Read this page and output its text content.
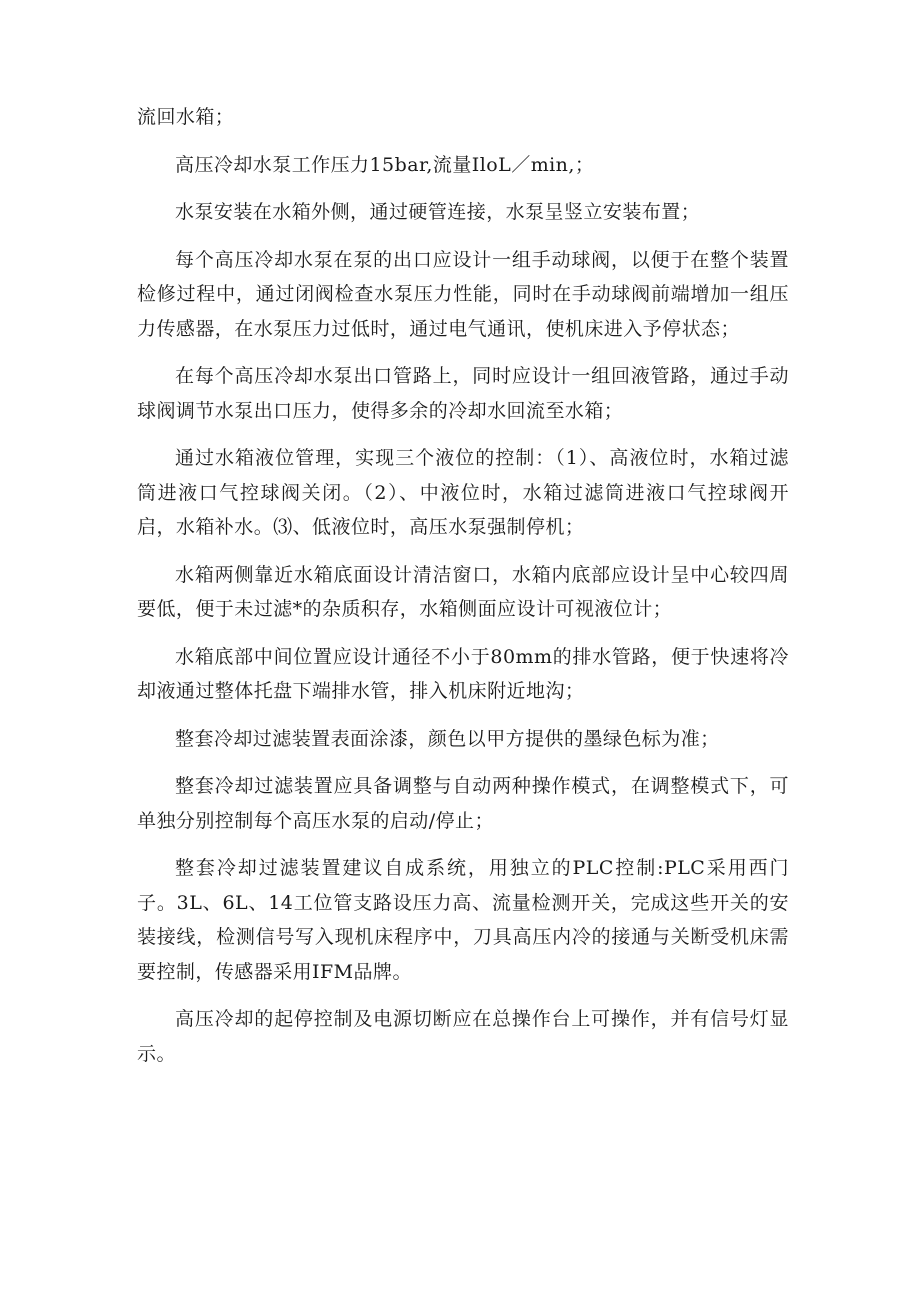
流回水箱；

高压冷却水泵工作压力15bar,流量IloL／min,；

水泵安装在水箱外侧，通过硬管连接，水泵呈竖立安装布置；

每个高压冷却水泵在泵的出口应设计一组手动球阀，以便于在整个装置检修过程中，通过闭阀检查水泵压力性能，同时在手动球阀前端增加一组压力传感器，在水泵压力过低时，通过电气通讯，使机床进入予停状态；

在每个高压冷却水泵出口管路上，同时应设计一组回液管路，通过手动球阀调节水泵出口压力，使得多余的冷却水回流至水箱；

通过水箱液位管理，实现三个液位的控制：（1）、高液位时，水箱过滤筒进液口气控球阀关闭。（2）、中液位时，水箱过滤筒进液口气控球阀开启，水箱补水。⑶、低液位时，高压水泵强制停机；

水箱两侧靠近水箱底面设计清洁窗口，水箱内底部应设计呈中心较四周要低，便于未过滤*的杂质积存，水箱侧面应设计可视液位计；

水箱底部中间位置应设计通径不小于80mm的排水管路，便于快速将冷却液通过整体托盘下端排水管，排入机床附近地沟；

整套冷却过滤装置表面涂漆，颜色以甲方提供的墨绿色标为准；

整套冷却过滤装置应具备调整与自动两种操作模式，在调整模式下，可单独分别控制每个高压水泵的启动/停止；

整套冷却过滤装置建议自成系统，用独立的PLC控制:PLC采用西门子。3L、6L、14工位管支路设压力高、流量检测开关，完成这些开关的安装接线，检测信号写入现机床程序中，刀具高压内冷的接通与关断受机床需要控制，传感器采用IFM品牌。

高压冷却的起停控制及电源切断应在总操作台上可操作，并有信号灯显示。
